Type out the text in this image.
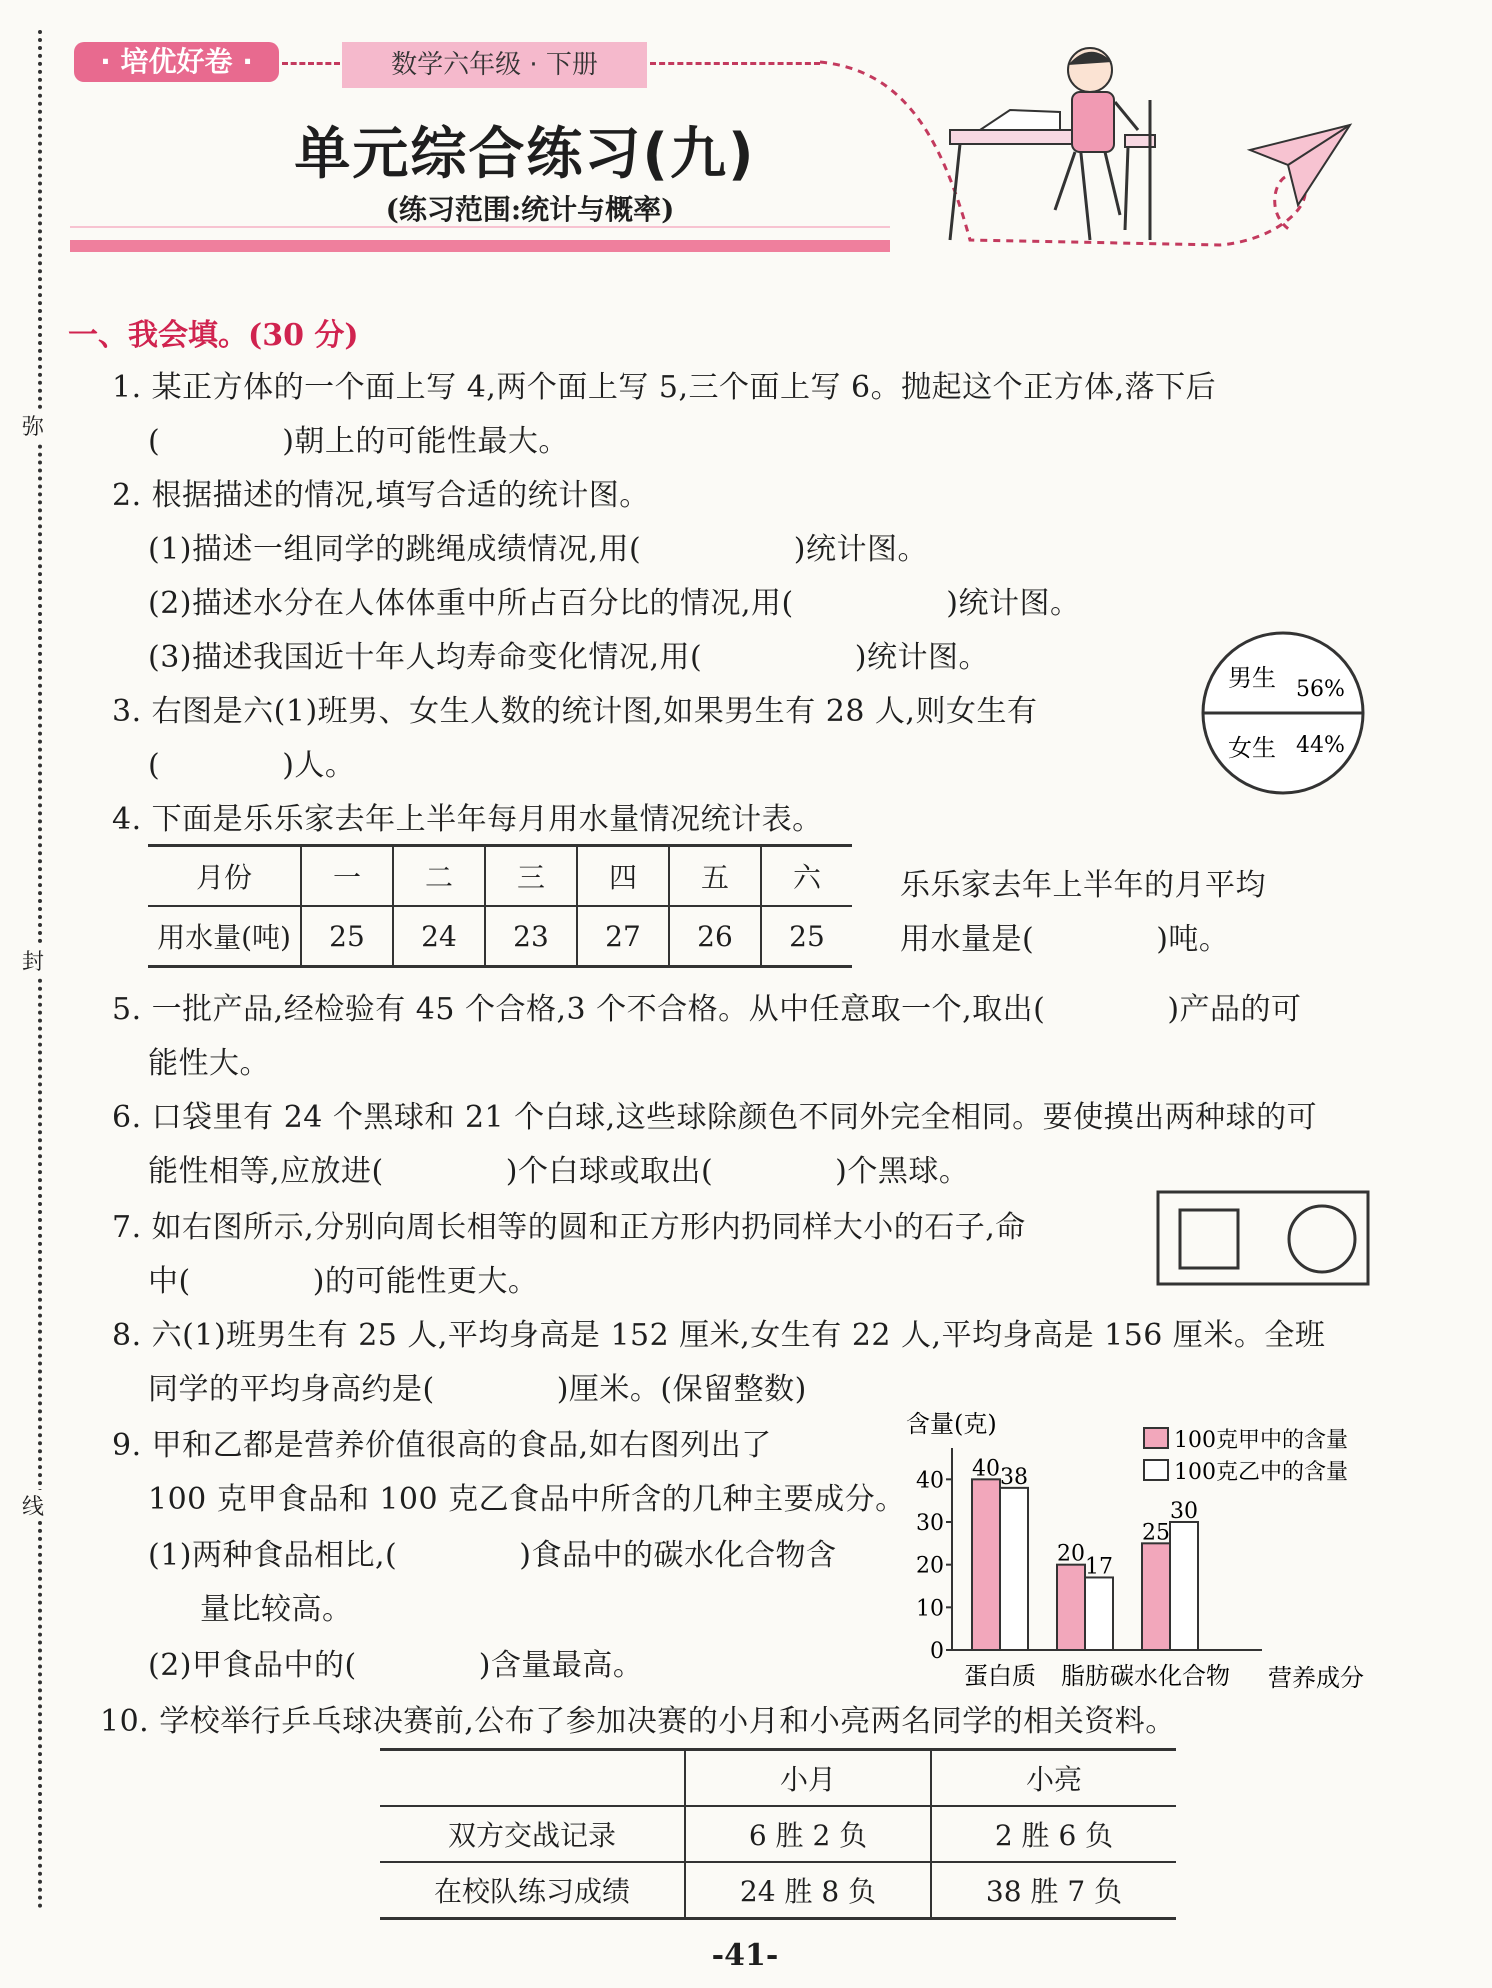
弥
封
线
· 培优好卷 ·	数学六年级 · 下册
单元综合练习(九)
(练习范围:统计与概率)
一、我会填。(30 分)
1. 某正方体的一个面上写 4,两个面上写 5,三个面上写 6。抛起这个正方体,落下后
(　　　　)朝上的可能性最大。
2. 根据描述的情况,填写合适的统计图。
(1)描述一组同学的跳绳成绩情况,用(　　　　　)统计图。
(2)描述水分在人体体重中所占百分比的情况,用(　　　　　)统计图。
(3)描述我国近十年人均寿命变化情况,用(　　　　　)统计图。
3. 右图是六(1)班男、女生人数的统计图,如果男生有 28 人,则女生有
(　　　　)人。
4. 下面是乐乐家去年上半年每月用水量情况统计表。
男生 56%
女生 44%
月份	一	二	三	四	五	六
用水量(吨)	25	24	23	27	26	25
乐乐家去年上半年的月平均
用水量是(　　　　)吨。
5. 一批产品,经检验有 45 个合格,3 个不合格。从中任意取一个,取出(　　　　)产品的可
能性大。
6. 口袋里有 24 个黑球和 21 个白球,这些球除颜色不同外完全相同。要使摸出两种球的可
能性相等,应放进(　　　　)个白球或取出(　　　　)个黑球。
7. 如右图所示,分别向周长相等的圆和正方形内扔同样大小的石子,命
中(　　　　)的可能性更大。
8. 六(1)班男生有 25 人,平均身高是 152 厘米,女生有 22 人,平均身高是 156 厘米。全班
同学的平均身高约是(　　　　)厘米。(保留整数)
9. 甲和乙都是营养价值很高的食品,如右图列出了
100 克甲食品和 100 克乙食品中所含的几种主要成分。
(1)两种食品相比,(　　　　)食品中的碳水化合物含
量比较高。
(2)甲食品中的(　　　　)含量最高。
含量(克)
营养成分
100克甲中的含量
100克乙中的含量
0
10
20
30
40 40 38
蛋白质
20
17
脂肪
25
30
碳水化合物
10. 学校举行乒乓球决赛前,公布了参加决赛的小月和小亮两名同学的相关资料。
	小月	小亮
双方交战记录	6 胜 2 负	2 胜 6 负
在校队练习成绩	24 胜 8 负	38 胜 7 负
-41-
